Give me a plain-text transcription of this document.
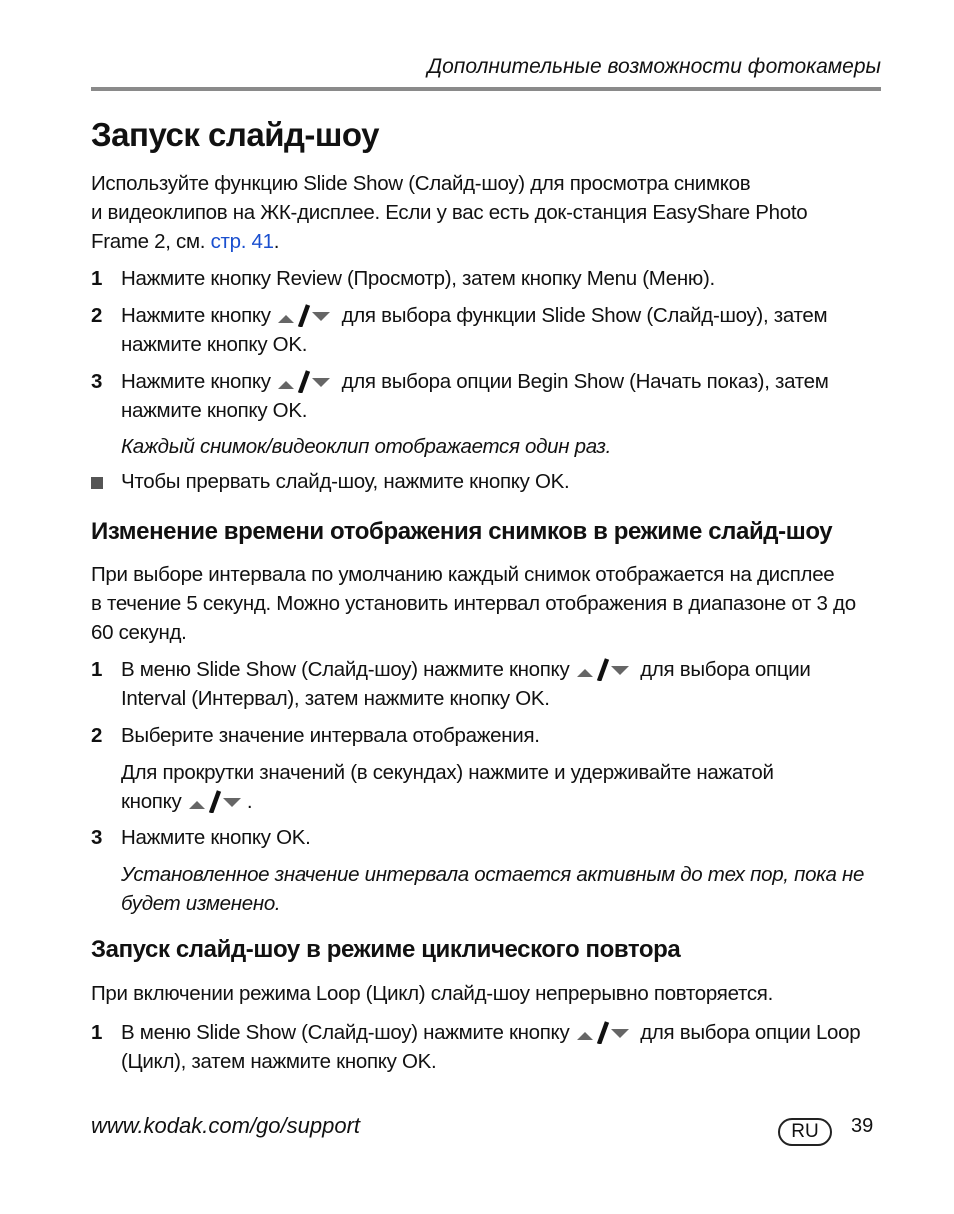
Дополнительные возможности фотокамеры
Запуск слайд-шоу
Используйте функцию Slide Show (Слайд-шоу) для просмотра снимков
и видеоклипов на ЖК-дисплее. Если у вас есть док-станция EasyShare Photo
Frame 2, см. стр. 41.
1 Нажмите кнопку Review (Просмотр), затем кнопку Menu (Меню).
2 Нажмите кнопку	для выбора функции Slide Show (Слайд-шоу), затем
нажмите кнопку OK.
3 Нажмите кнопку	для выбора опции Begin Show (Начать показ), затем
нажмите кнопку OK.
Каждый снимок/видеоклип отображается один раз.
Чтобы прервать слайд-шоу, нажмите кнопку OK.
Изменение времени отображения снимков в режиме слайд-шоу
При выборе интервала по умолчанию каждый снимок отображается на дисплее
в течение 5 секунд. Можно установить интервал отображения в диапазоне от 3 до
60 секунд.
1 В меню Slide Show (Слайд-шоу) нажмите кнопку	для выбора опции
Interval (Интервал), затем нажмите кнопку OK.
2 Выберите значение интервала отображения.
Для прокрутки значений (в секундах) нажмите и удерживайте нажатой
кнопку	.
3 Нажмите кнопку OK.
Установленное значение интервала остается активным до тех пор, пока не
будет изменено.
Запуск слайд-шоу в режиме циклического повтора
При включении режима Loop (Цикл) слайд-шоу непрерывно повторяется.
1 В меню Slide Show (Слайд-шоу) нажмите кнопку	для выбора опции Loop
(Цикл), затем нажмите кнопку OK.
www.kodak.com/go/support	RU	39
